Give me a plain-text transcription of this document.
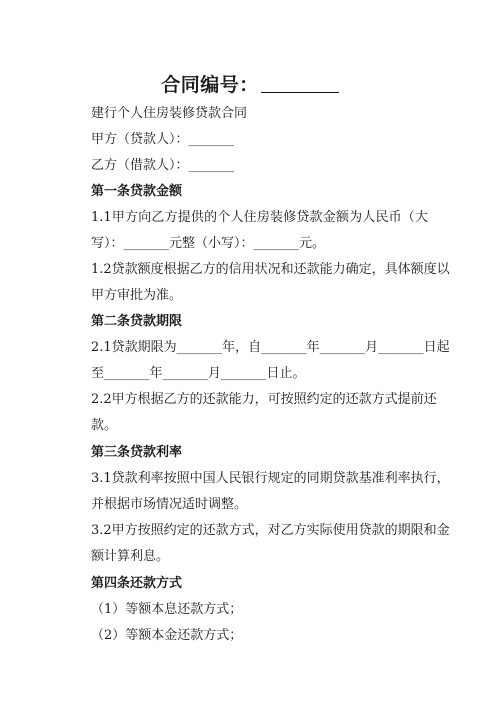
合同编号：
建行个人住房装修贷款合同
甲方（贷款人）：_______
乙方（借款人）：_______
第一条贷款金额
1.1甲方向乙方提供的个人住房装修贷款金额为人民币（大
写）：_______元整（小写）：_______元。
1.2贷款额度根据乙方的信用状况和还款能力确定，具体额度以
甲方审批为准。
第二条贷款期限
2.1贷款期限为_______年，自_______年_______月_______日起
至_______年_______月_______日止。
2.2甲方根据乙方的还款能力，可按照约定的还款方式提前还
款。
第三条贷款利率
3.1贷款利率按照中国人民银行规定的同期贷款基准利率执行，
并根据市场情况适时调整。
3.2甲方按照约定的还款方式，对乙方实际使用贷款的期限和金
额计算利息。
第四条还款方式
（1）等额本息还款方式；
（2）等额本金还款方式；
